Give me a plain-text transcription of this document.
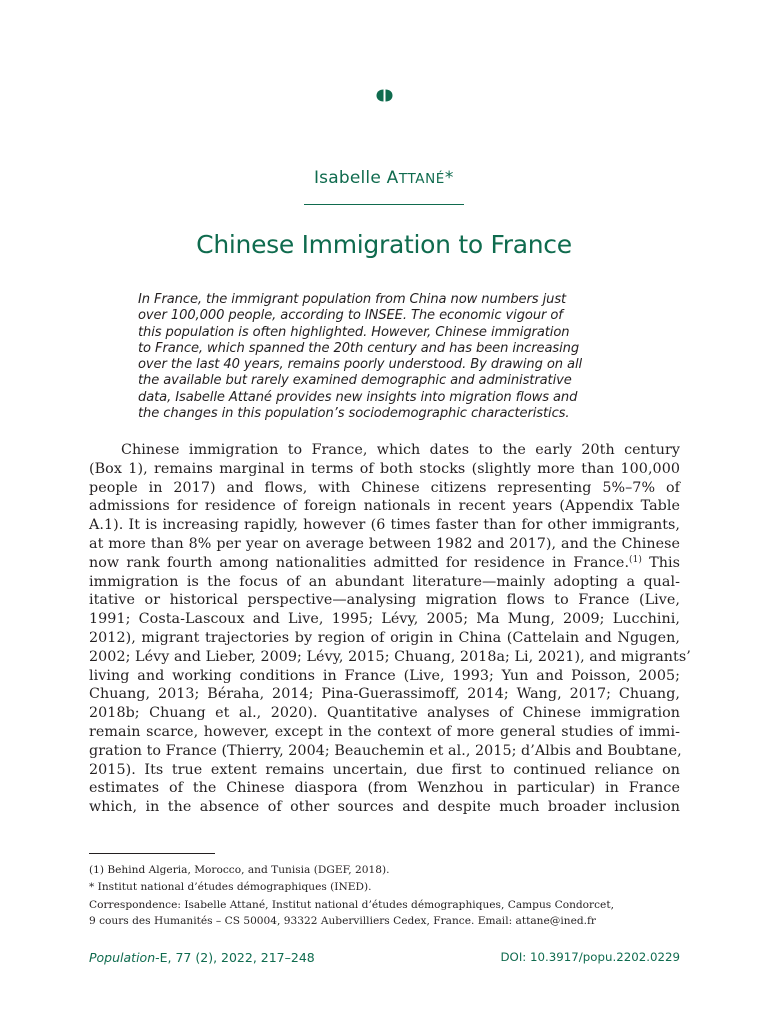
Isabelle ATTANÉ*
Chinese Immigration to France
In France, the immigrant population from China now numbers just
over 100,000 people, according to INSEE. The economic vigour of
this population is often highlighted. However, Chinese immigration
to France, which spanned the 20th century and has been increasing
over the last 40 years, remains poorly understood. By drawing on all
the available but rarely examined demographic and administrative
data, Isabelle Attané provides new insights into migration flows and
the changes in this population’s sociodemographic characteristics.
Chinese immigration to France, which dates to the early 20th century
(Box 1), remains marginal in terms of both stocks (slightly more than 100,000
people in 2017) and flows, with Chinese citizens representing 5%–7% of
admissions for residence of foreign nationals in recent years (Appendix Table
A.1). It is increasing rapidly, however (6 times faster than for other immigrants,
at more than 8% per year on average between 1982 and 2017), and the Chinese
now rank fourth among nationalities admitted for residence in France.$^{(1)}$ This
immigration is the focus of an abundant literature—mainly adopting a qual-
itative or historical perspective—analysing migration flows to France (Live,
1991; Costa-Lascoux and Live, 1995; Lévy, 2005; Ma Mung, 2009; Lucchini,
2012), migrant trajectories by region of origin in China (Cattelain and Ngugen,
2002; Lévy and Lieber, 2009; Lévy, 2015; Chuang, 2018a; Li, 2021), and migrants’
living and working conditions in France (Live, 1993; Yun and Poisson, 2005;
Chuang, 2013; Béraha, 2014; Pina-Guerassimoff, 2014; Wang, 2017; Chuang,
2018b; Chuang et al., 2020). Quantitative analyses of Chinese immigration
remain scarce, however, except in the context of more general studies of immi-
gration to France (Thierry, 2004; Beauchemin et al., 2015; d’Albis and Boubtane,
2015). Its true extent remains uncertain, due first to continued reliance on
estimates of the Chinese diaspora (from Wenzhou in particular) in France
which, in the absence of other sources and despite much broader inclusion
(1) Behind Algeria, Morocco, and Tunisia (DGEF, 2018).
* Institut national d’études démographiques (INED).
Correspondence: Isabelle Attané, Institut national d’études démographiques, Campus Condorcet,
9 cours des Humanités – CS 50004, 93322 Aubervilliers Cedex, France. Email: attane@ined.fr
Population-E, 77 (2), 2022, 217–248	DOI: 10.3917/popu.2202.0229
